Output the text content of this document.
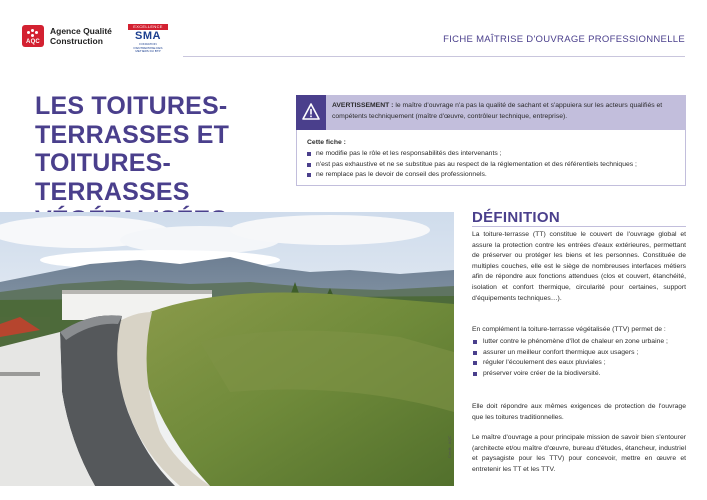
AQC
Agence Qualité
Construction
EXCELLENCE
SMA
FONDATION D'ENTREPRISE DES METIERS DU BTP
FICHE MAÎTRISE D'OUVRAGE PROFESSIONNELLE
LES TOITURES-
TERRASSES ET
TOITURES-TERRASSES
AVERTISSEMENT : le maître d'ouvrage n'a pas la qualité de sachant et s'appuiera sur les acteurs qualifiés et compétents techniquement (maître d'œuvre, contrôleur technique, entreprise).
Cette fiche :
ne modifie pas le rôle et les responsabilités des intervenants ;
n'est pas exhaustive et ne se substitue pas au respect de la réglementation et des référentiels techniques ;
ne remplace pas le devoir de conseil des professionnels.
Crédit : AQC
DÉFINITION

La toiture-terrasse (TT) constitue le couvert de l'ouvrage global et assure la protection contre les entrées d'eaux extérieures, permettant de préserver ou protéger les biens et les personnes. Constituée de multiples couches, elle est le siège de nombreuses interfaces métiers afin de répondre aux fonctions attendues (clos et couvert, étanchéité, isolation et confort thermique, circularité pour certaines, support d'équipements techniques…).

En complément la toiture-terrasse végétalisée (TTV) permet de :

lutter contre le phénomène d'îlot de chaleur en zone urbaine ;
assurer un meilleur confort thermique aux usagers ;
réguler l'écoulement des eaux pluviales ;
préserver voire créer de la biodiversité.

Elle doit répondre aux mêmes exigences de protection de l'ouvrage que les toitures traditionnelles.

Le maître d'ouvrage a pour principale mission de savoir bien s'entourer (architecte et/ou maître d'œuvre, bureau d'études, étancheur, industriel et paysagiste pour les TTV) pour concevoir, mettre en œuvre et entretenir les TT et les TTV.
